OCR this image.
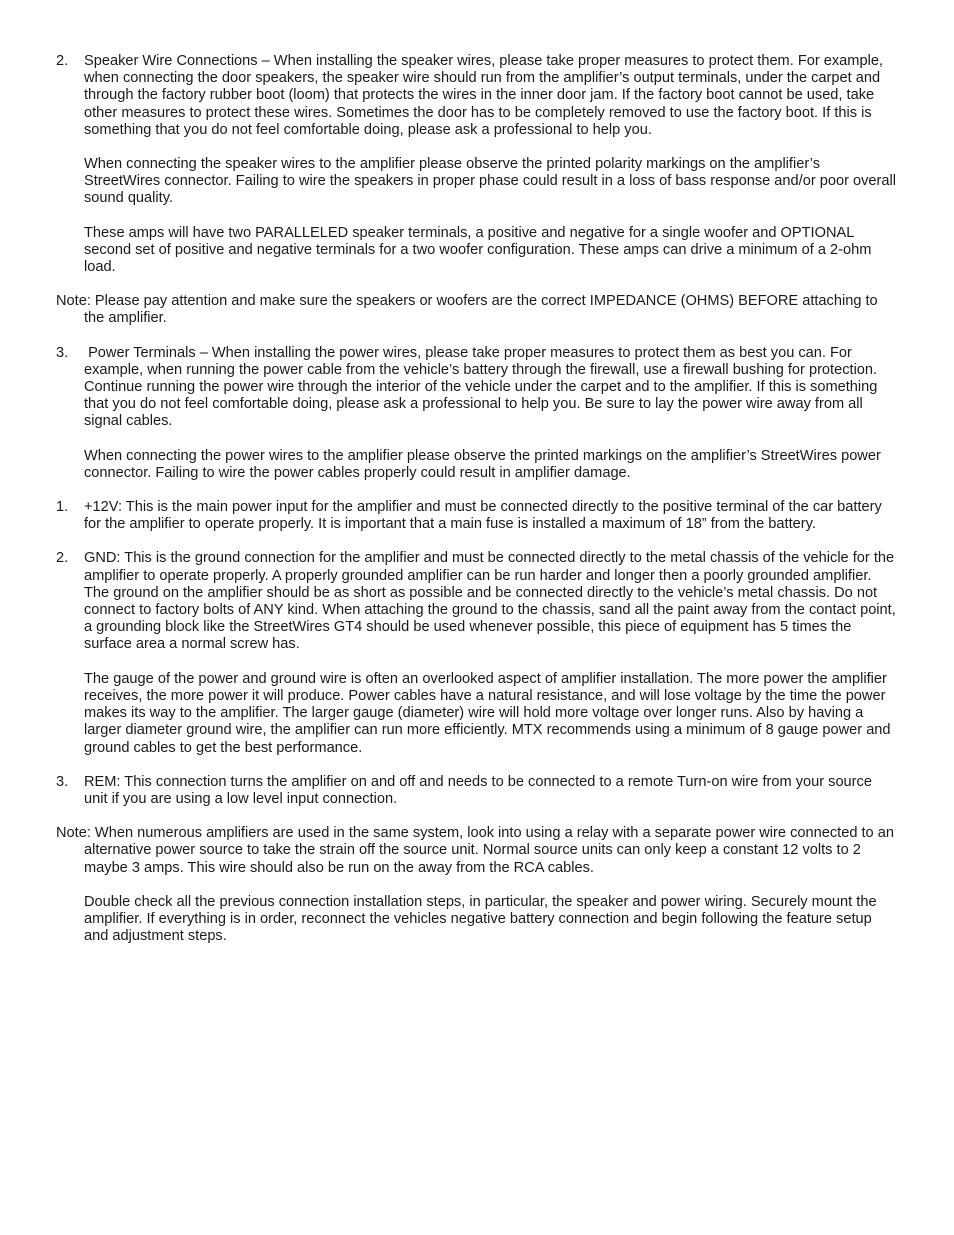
2. Speaker Wire Connections – When installing the speaker wires, please take proper measures to protect them. For example, when connecting the door speakers, the speaker wire should run from the amplifier’s output terminals, under the carpet and through the factory rubber boot (loom) that protects the wires in the inner door jam. If the factory boot cannot be used, take other measures to protect these wires. Sometimes the door has to be completely removed to use the factory boot. If this is something that you do not feel comfortable doing, please ask a professional to help you.

When connecting the speaker wires to the amplifier please observe the printed polarity markings on the amplifier’s StreetWires connector. Failing to wire the speakers in proper phase could result in a loss of bass response and/or poor overall sound quality.

These amps will have two PARALLELED speaker terminals, a positive and negative for a single woofer and OPTIONAL second set of positive and negative terminals for a two woofer configuration. These amps can drive a minimum of a 2-ohm load.

Note: Please pay attention and make sure the speakers or woofers are the correct IMPEDANCE (OHMS) BEFORE attaching to the amplifier.

3. Power Terminals – When installing the power wires, please take proper measures to protect them as best you can. For example, when running the power cable from the vehicle’s battery through the firewall, use a firewall bushing for protection. Continue running the power wire through the interior of the vehicle under the carpet and to the amplifier. If this is something that you do not feel comfortable doing, please ask a professional to help you. Be sure to lay the power wire away from all signal cables.

When connecting the power wires to the amplifier please observe the printed markings on the amplifier’s StreetWires power connector. Failing to wire the power cables properly could result in amplifier damage.

1. +12V: This is the main power input for the amplifier and must be connected directly to the positive terminal of the car battery for the amplifier to operate properly. It is important that a main fuse is installed a maximum of 18” from the battery.

2. GND: This is the ground connection for the amplifier and must be connected directly to the metal chassis of the vehicle for the amplifier to operate properly. A properly grounded amplifier can be run harder and longer then a poorly grounded amplifier. The ground on the amplifier should be as short as possible and be connected directly to the vehicle’s metal chassis. Do not connect to factory bolts of ANY kind. When attaching the ground to the chassis, sand all the paint away from the contact point, a grounding block like the StreetWires GT4 should be used whenever possible, this piece of equipment has 5 times the surface area a normal screw has.

The gauge of the power and ground wire is often an overlooked aspect of amplifier installation. The more power the amplifier receives, the more power it will produce. Power cables have a natural resistance, and will lose voltage by the time the power makes its way to the amplifier. The larger gauge (diameter) wire will hold more voltage over longer runs. Also by having a larger diameter ground wire, the amplifier can run more efficiently. MTX recommends using a minimum of 8 gauge power and ground cables to get the best performance.

3. REM: This connection turns the amplifier on and off and needs to be connected to a remote Turn-on wire from your source unit if you are using a low level input connection.

Note: When numerous amplifiers are used in the same system, look into using a relay with a separate power wire connected to an alternative power source to take the strain off the source unit. Normal source units can only keep a constant 12 volts to 2 maybe 3 amps. This wire should also be run on the away from the RCA cables.

Double check all the previous connection installation steps, in particular, the speaker and power wiring. Securely mount the amplifier. If everything is in order, reconnect the vehicles negative battery connection and begin following the feature setup and adjustment steps.
